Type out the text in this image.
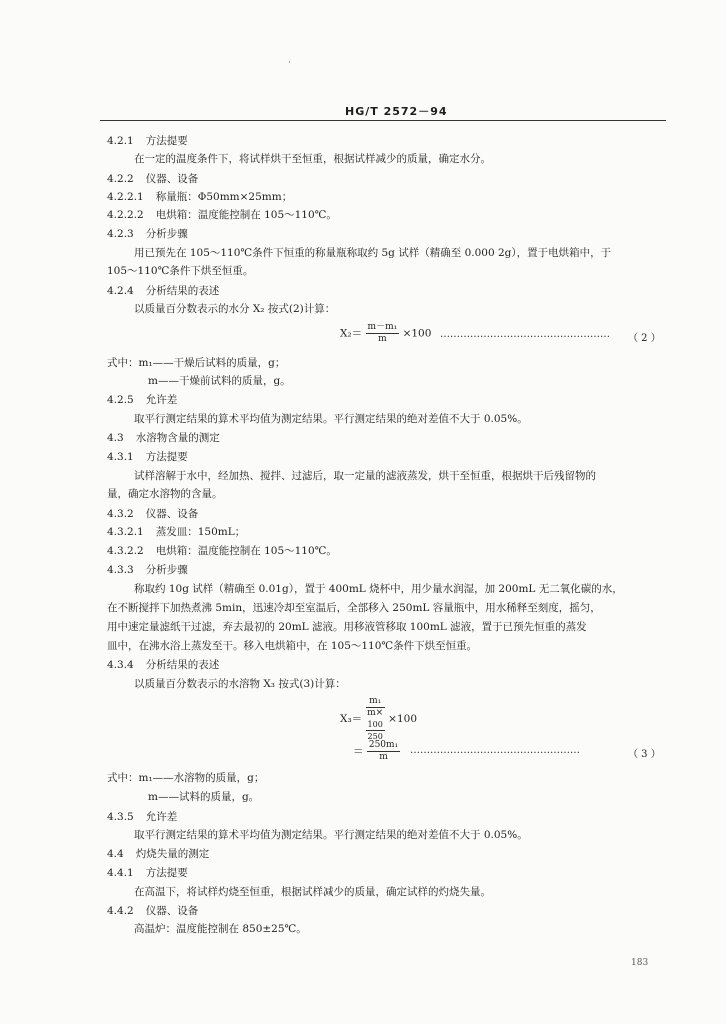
·
HG/T 2572－94
4.2.1 方法提要
在一定的温度条件下，将试样烘干至恒重，根据试样减少的质量，确定水分。
4.2.2 仪器、设备
4.2.2.1 称量瓶：Φ50mm×25mm；
4.2.2.2 电烘箱：温度能控制在 105～110℃。
4.2.3 分析步骤
用已预先在 105～110℃条件下恒重的称量瓶称取约 5g 试样（精确至 0.000 2g），置于电烘箱中，于
105～110℃条件下烘至恒重。
4.2.4 分析结果的表述
以质量百分数表示的水分 X₂ 按式(2)计算：
$X_2= \frac{\text{m－m₁}}{m} \times 100$ …………………………………………… （ 2 ）
式中：m₁——干燥后试料的质量，g；
m——干燥前试料的质量，g。
4.2.5 允许差
取平行测定结果的算术平均值为测定结果。平行测定结果的绝对差值不大于 0.05%。
4.3 水溶物含量的测定
4.3.1 方法提要
试样溶解于水中，经加热、搅拌、过滤后，取一定量的滤液蒸发，烘干至恒重，根据烘干后残留物的
量，确定水溶物的含量。
4.3.2 仪器、设备
4.3.2.1 蒸发皿：150mL；
4.3.2.2 电烘箱：温度能控制在 105～110℃。
4.3.3 分析步骤
称取约 10g 试样（精确至 0.01g），置于 400mL 烧杯中，用少量水润湿，加 200mL 无二氧化碳的水，
在不断搅拌下加热煮沸 5min，迅速冷却至室温后，全部移入 250mL 容量瓶中，用水稀释至刻度，摇匀，
用中速定量滤纸干过滤，弃去最初的 20mL 滤液。用移液管移取 100mL 滤液，置于已预先恒重的蒸发
皿中，在沸水浴上蒸发至干。移入电烘箱中，在 105～110℃条件下烘至恒重。
4.3.4 分析结果的表述
以质量百分数表示的水溶物 X₃ 按式(3)计算：
X₃＝ m₁
m×
100
250 ×100
＝ $\frac{\text{250m₁}}{m}$ ……………………………………………	（ 3 ）
式中：m₁——水溶物的质量，g；
m——试料的质量，g。
4.3.5 允许差
取平行测定结果的算术平均值为测定结果。平行测定结果的绝对差值不大于 0.05%。
4.4 灼烧失量的测定
4.4.1 方法提要
在高温下，将试样灼烧至恒重，根据试样减少的质量，确定试样的灼烧失量。
4.4.2 仪器、设备
高温炉：温度能控制在 850±25℃。
183
